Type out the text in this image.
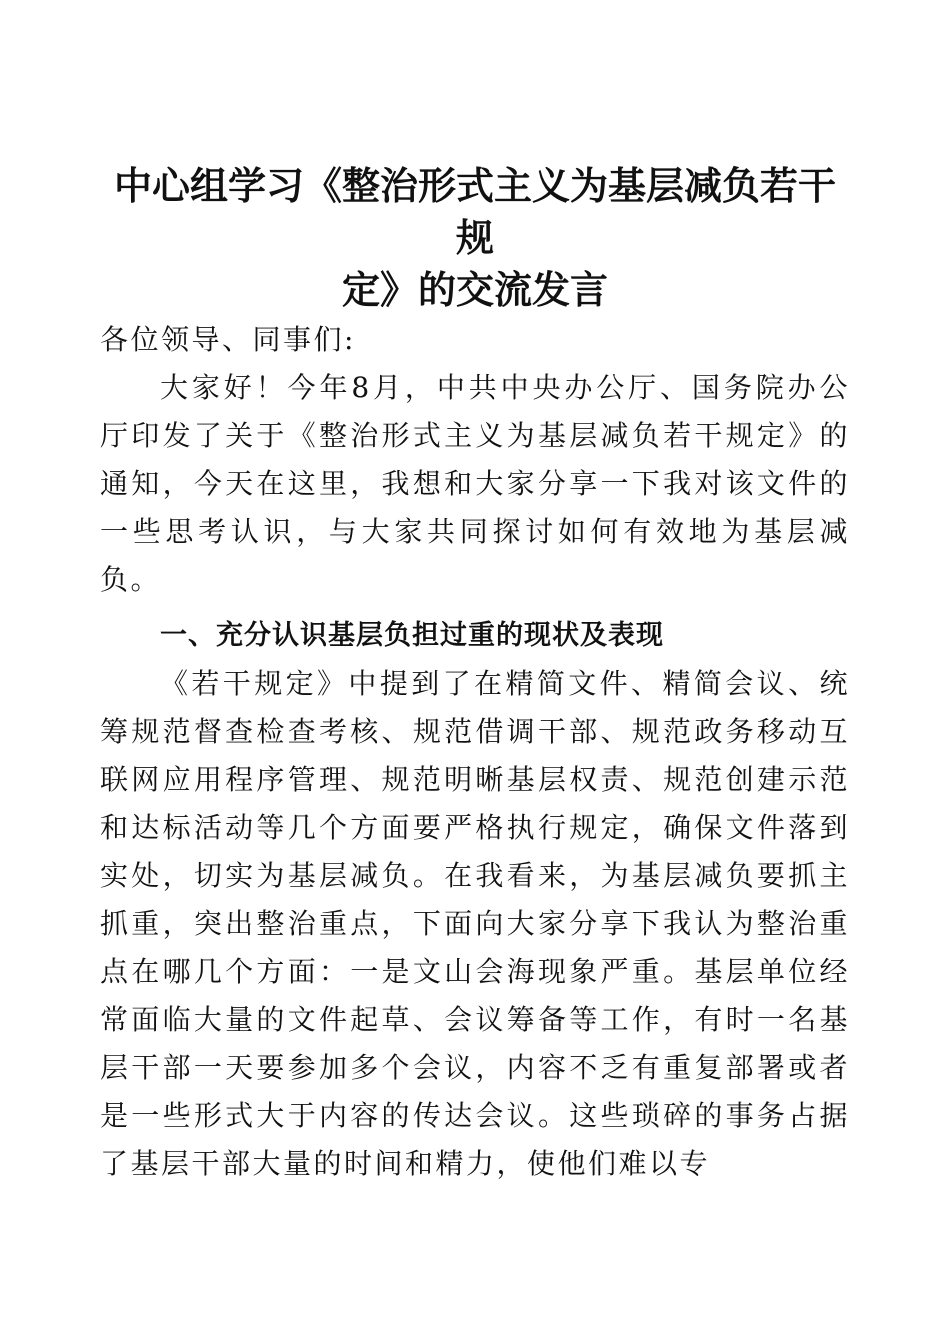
中心组学习《整治形式主义为基层减负若干规
定》的交流发言
各位领导、同事们:
大家好！今年8月，中共中央办公厅、国务院办公厅印发了关于《整治形式主义为基层减负若干规定》的通知，今天在这里，我想和大家分享一下我对该文件的一些思考认识，与大家共同探讨如何有效地为基层减负。
一、充分认识基层负担过重的现状及表现
《若干规定》中提到了在精简文件、精简会议、统筹规范督查检查考核、规范借调干部、规范政务移动互联网应用程序管理、规范明晰基层权责、规范创建示范和达标活动等几个方面要严格执行规定，确保文件落到实处，切实为基层减负。在我看来，为基层减负要抓主抓重，突出整治重点，下面向大家分享下我认为整治重点在哪几个方面：一是文山会海现象严重。基层单位经常面临大量的文件起草、会议筹备等工作，有时一名基层干部一天要参加多个会议，内容不乏有重复部署或者是一些形式大于内容的传达会议。这些琐碎的事务占据了基层干部大量的时间和精力，使他们难以专
